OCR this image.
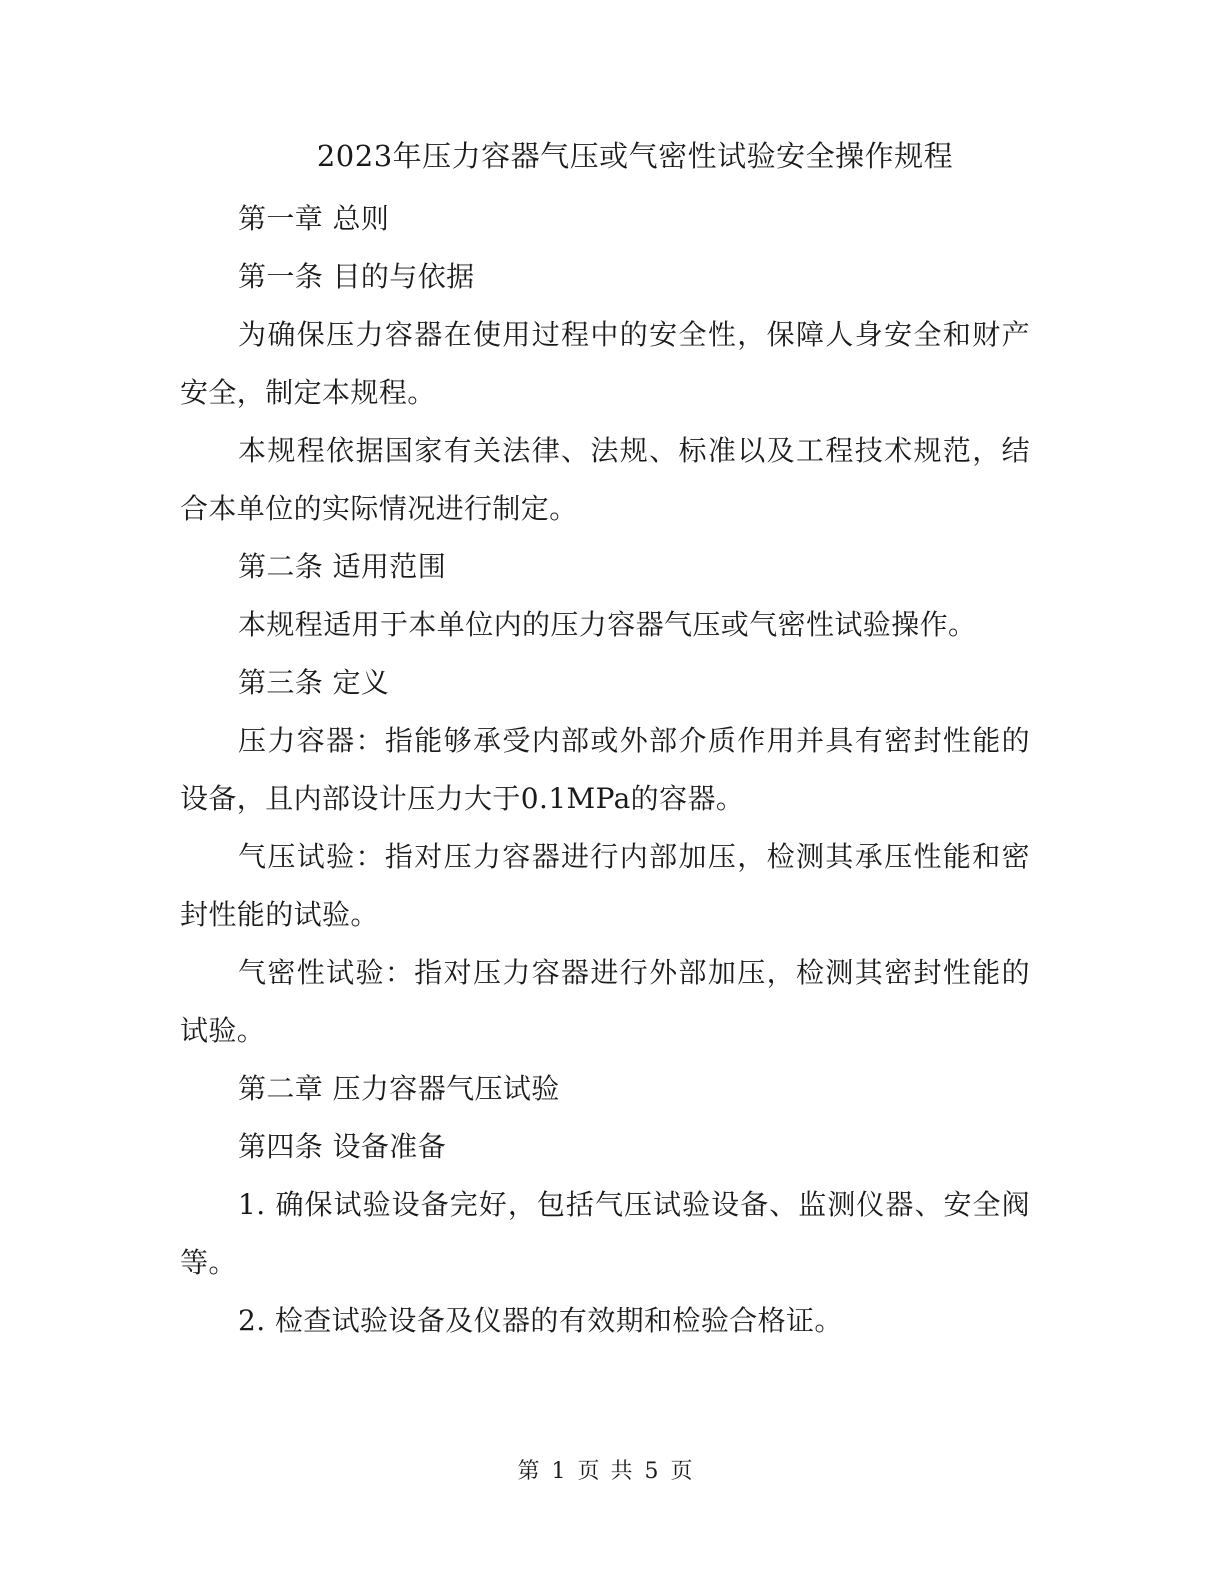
2023年压力容器气压或气密性试验安全操作规程

第一章 总则

第一条 目的与依据

为确保压力容器在使用过程中的安全性，保障人身安全和财产安全，制定本规程。

本规程依据国家有关法律、法规、标准以及工程技术规范，结合本单位的实际情况进行制定。

第二条 适用范围

本规程适用于本单位内的压力容器气压或气密性试验操作。

第三条 定义

压力容器：指能够承受内部或外部介质作用并具有密封性能的设备，且内部设计压力大于0.1MPa的容器。

气压试验：指对压力容器进行内部加压，检测其承压性能和密封性能的试验。

气密性试验：指对压力容器进行外部加压，检测其密封性能的试验。

第二章 压力容器气压试验

第四条 设备准备

1. 确保试验设备完好，包括气压试验设备、监测仪器、安全阀等。

2. 检查试验设备及仪器的有效期和检验合格证。

第 1 页 共 5 页
